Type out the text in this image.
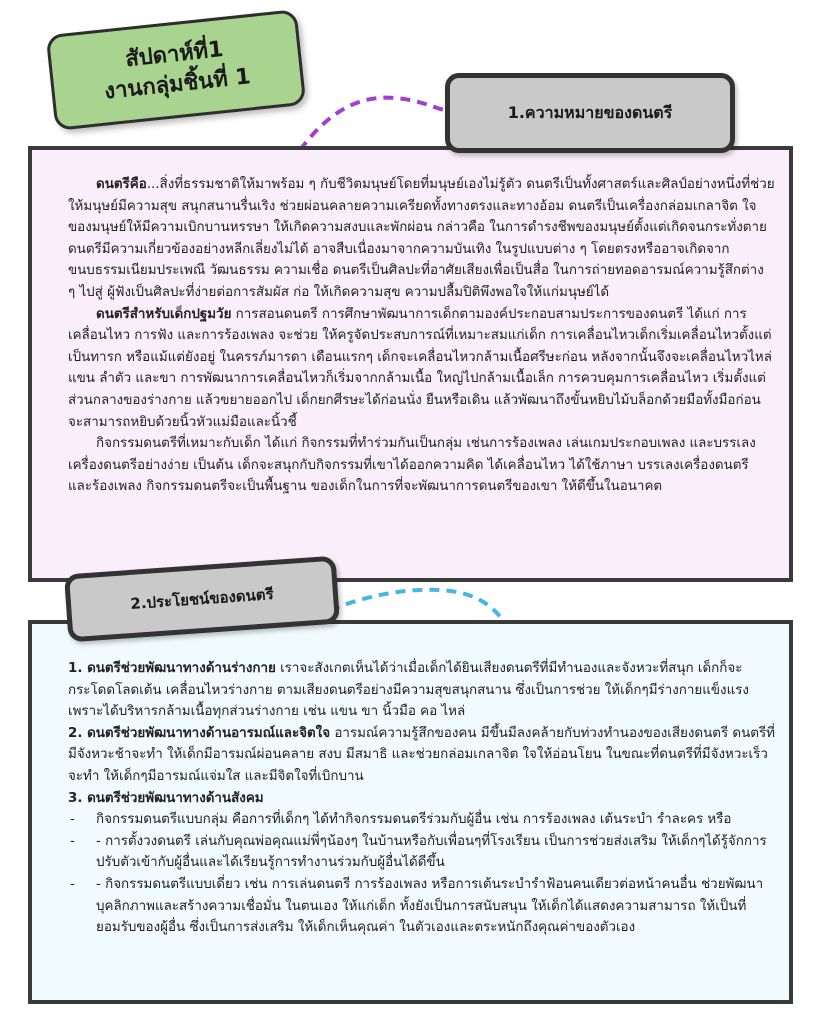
สัปดาห์ที่1
งานกลุ่มชิ้นที่ 1

ดนตรีคือ...สิ่งที่ธรรมชาติให้มาพร้อม ๆ กับชีวิตมนุษย์โดยที่มนุษย์เองไม่รู้ตัว ดนตรีเป็นทั้งศาสตร์และศิลป์อย่างหนึ่งที่ช่วย ให้มนุษย์มีความสุข สนุกสนานรื่นเริง ช่วยผ่อนคลายความเครียดทั้งทางตรงและทางอ้อม ดนตรีเป็นเครื่องกล่อมเกลาจิต ใจของมนุษย์ให้มีความเบิกบานหรรษา ให้เกิดความสงบและพักผ่อน กล่าวคือ ในการดำรงชีพของมนุษย์ตั้งแต่เกิดจนกระทั่งตายดนตรีมีความเกี่ยวข้องอย่างหลีกเลี่ยงไม่ได้ อาจสืบเนื่องมาจากความบันเทิง ในรูปแบบต่าง ๆ โดยตรงหรืออาจเกิดจากขนบธรรมเนียมประเพณี วัฒนธรรม ความเชื่อ ดนตรีเป็นศิลปะที่อาศัยเสียงเพื่อเป็นสื่อ ในการถ่ายทอดอารมณ์ความรู้สึกต่าง ๆ ไปสู่ ผู้ฟังเป็นศิลปะที่ง่ายต่อการสัมผัส ก่อ ให้เกิดความสุข ความปลื้มปิติพึงพอใจให้แก่มนุษย์ได้

ดนตรีสำหรับเด็กปฐมวัย การสอนดนตรี การศึกษาพัฒนาการเด็กตามองค์ประกอบสามประการของดนตรี ได้แก่ การเคลื่อนไหว การฟัง และการร้องเพลง จะช่วย ให้ครูจัดประสบการณ์ที่เหมาะสมแก่เด็ก การเคลื่อนไหวเด็กเริ่มเคลื่อนไหวตั้งแต่เป็นทารก หรือแม้แต่ยังอยู่ ในครรภ์มารดา เดือนแรกๆ เด็กจะเคลื่อนไหวกล้ามเนื้อศรีษะก่อน หลังจากนั้นจึงจะเคลื่อนไหวไหล่ แขน ลำตัว และขา การพัฒนาการเคลื่อนไหวก็เริ่มจากกล้ามเนื้อ ใหญ่ไปกล้ามเนื้อเล็ก การควบคุมการเคลื่อนไหว เริ่มตั้งแต่ส่วนกลางของร่างกาย แล้วขยายออกไป เด็กยกศีรษะได้ก่อนนั่ง ยืนหรือเดิน แล้วพัฒนาถึงขั้นหยิบไม้บล็อกด้วยมือทั้งมือก่อนจะสามารถหยิบด้วยนิ้วหัวแม่มือและนิ้วชี้

กิจกรรมดนตรีที่เหมาะกับเด็ก ได้แก่ กิจกรรมที่ทำร่วมกันเป็นกลุ่ม เช่นการร้องเพลง เล่นเกมประกอบเพลง และบรรเลงเครื่องดนตรีอย่างง่าย เป็นต้น เด็กจะสนุกกับกิจกรรมที่เขาได้ออกความคิด ได้เคลื่อนไหว ได้ใช้ภาษา บรรเลงเครื่องดนตรี และร้องเพลง กิจกรรมดนตรีจะเป็นพื้นฐาน ของเด็กในการที่จะพัฒนาการดนตรีของเขา ให้ดีขึ้นในอนาคต

1.ความหมายของดนตรี

1. ดนตรีช่วยพัฒนาทางด้านร่างกาย เราจะสังเกตเห็นได้ว่าเมื่อเด็กได้ยินเสียงดนตรีที่มีทำนองและจังหวะที่สนุก เด็กก็จะกระโดดโลดเต้น เคลื่อนไหวร่างกาย ตามเสียงดนตรีอย่างมีความสุขสนุกสนาน ซึ่งเป็นการช่วย ให้เด็กๆมีร่างกายแข็งแรงเพราะได้บริหารกล้ามเนื้อทุกส่วนร่างกาย เช่น แขน ขา นิ้วมือ คอ ไหล่

2. ดนตรีช่วยพัฒนาทางด้านอารมณ์และจิตใจ อารมณ์ความรู้สึกของคน มีขึ้นมีลงคล้ายกับท่วงทำนองของเสียงดนตรี ดนตรีที่มีจังหวะช้าจะทำ ให้เด็กมีอารมณ์ผ่อนคลาย สงบ มีสมาธิ และช่วยกล่อมเกลาจิต ใจให้อ่อนโยน ในขณะที่ดนตรีที่มีจังหวะเร็ว จะทำ ให้เด็กๆมีอารมณ์แจ่มใส และมีจิตใจที่เบิกบาน

3. ดนตรีช่วยพัฒนาทางด้านสังคม

-	กิจกรรมดนตรีแบบกลุ่ม คือการที่เด็กๆ ได้ทำกิจกรรมดนตรีร่วมกับผู้อื่น เช่น การร้องเพลง เต้นระบำ รำละคร หรือ
-	- การตั้งวงดนตรี เล่นกับคุณพ่อคุณแม่พี่ๆน้องๆ ในบ้านหรือกับเพื่อนๆที่โรงเรียน เป็นการช่วยส่งเสริม ให้เด็กๆได้รู้จักการปรับตัวเข้ากับผู้อื่นและได้เรียนรู้การทำงานร่วมกับผู้อื่นได้ดีขึ้น
-	- กิจกรรมดนตรีแบบเดี่ยว เช่น การเล่นดนตรี การร้องเพลง หรือการเต้นระบำรำฟ้อนคนเดียวต่อหน้าคนอื่น ช่วยพัฒนาบุคลิกภาพและสร้างความเชื่อมั่น ในตนเอง ให้แก่เด็ก ทั้งยังเป็นการสนับสนุน ให้เด็กได้แสดงความสามารถ ให้เป็นที่ยอมรับของผู้อื่น ซึ่งเป็นการส่งเสริม ให้เด็กเห็นคุณค่า ในตัวเองและตระหนักถึงคุณค่าของตัวเอง
2.ประโยชน์ของดนตรี
